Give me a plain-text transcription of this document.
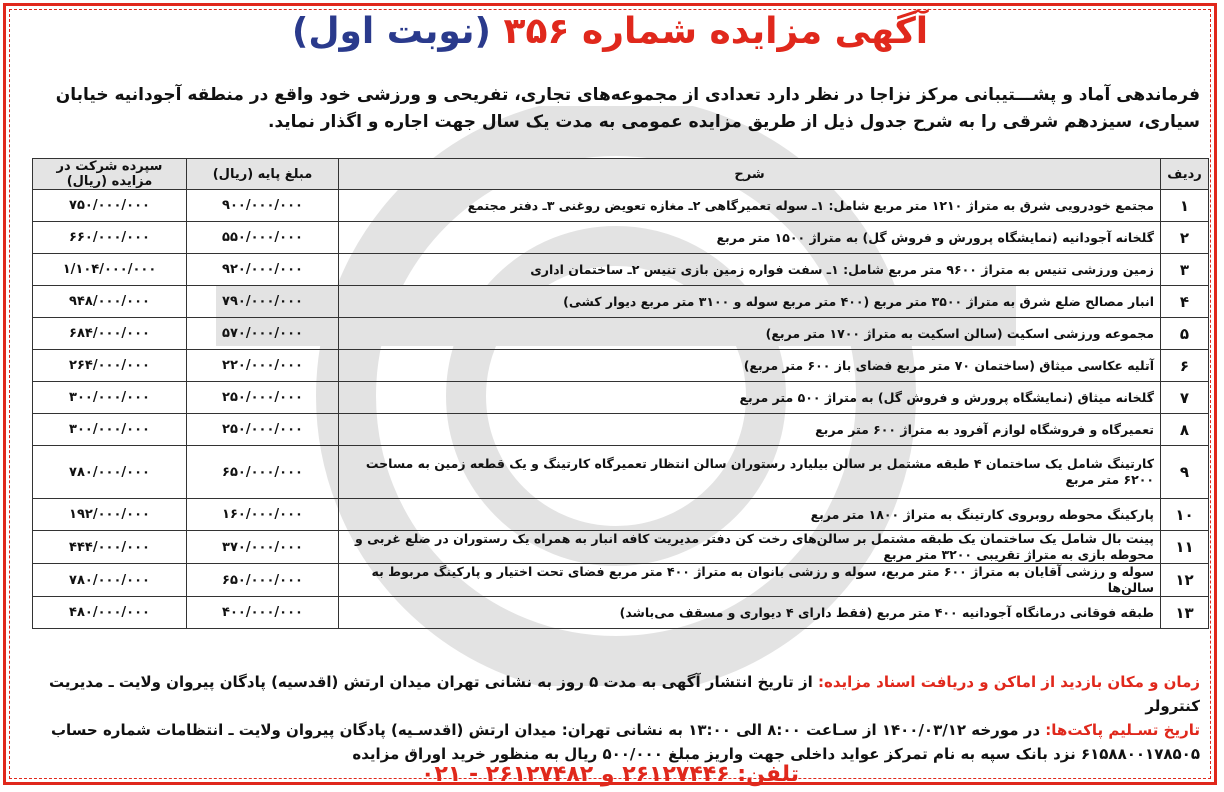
آگهی مزایده شماره ۳۵۶ (نوبت اول)
فرماندهی آماد و پشـــتیبانی مرکز نزاجا در نظر دارد تعدادی از مجموعه‌های تجاری، تفریحی و ورزشی خود واقع در منطقه آجودانیه خیابان سیاری، سیزدهم شرقی را به شرح جدول ذیل از طریق مزایده عمومی به مدت یک سال جهت اجاره و اگذار نماید.
ردیف	شرح	مبلغ پایه (ریال)	سپرده شرکت در مزایده (ریال)
۱	مجتمع خودرویی شرق به متراژ ۱۲۱۰ متر مربع شامل: ۱ـ سوله تعمیرگاهی ۲ـ مغازه تعویض روغنی ۳ـ دفتر مجتمع	۹۰۰/۰۰۰/۰۰۰	۷۵۰/۰۰۰/۰۰۰
۲	گلخانه آجودانیه (نمایشگاه پرورش و فروش گل) به متراژ ۱۵۰۰ متر مربع	۵۵۰/۰۰۰/۰۰۰	۶۶۰/۰۰۰/۰۰۰
۳	زمین ورزشی تنیس به متراژ ۹۶۰۰ متر مربع شامل: ۱ـ سفت فواره زمین بازی تنیس ۲ـ ساختمان اداری	۹۲۰/۰۰۰/۰۰۰	۱/۱۰۴/۰۰۰/۰۰۰
۴	انبار مصالح ضلع شرق به متراژ ۳۵۰۰ متر مربع (۴۰۰ متر مربع سوله و ۳۱۰۰ متر مربع دیوار کشی)	۷۹۰/۰۰۰/۰۰۰	۹۴۸/۰۰۰/۰۰۰
۵	مجموعه ورزشی اسکیت (سالن اسکیت به متراژ ۱۷۰۰ متر مربع)	۵۷۰/۰۰۰/۰۰۰	۶۸۴/۰۰۰/۰۰۰
۶	آتلیه عکاسی میثاق (ساختمان ۷۰ متر مربع فضای باز ۶۰۰ متر مربع)	۲۲۰/۰۰۰/۰۰۰	۲۶۴/۰۰۰/۰۰۰
۷	گلخانه میثاق (نمایشگاه پرورش و فروش گل) به متراژ ۵۰۰ متر مربع	۲۵۰/۰۰۰/۰۰۰	۳۰۰/۰۰۰/۰۰۰
۸	تعمیرگاه و فروشگاه لوازم آفرود به متراژ ۶۰۰ متر مربع	۲۵۰/۰۰۰/۰۰۰	۳۰۰/۰۰۰/۰۰۰
۹	کارتینگ شامل یک ساختمان ۴ طبقه مشتمل بر سالن بیلیارد رستوران سالن انتظار تعمیرگاه کارتینگ و یک قطعه زمین به مساحت ۶۲۰۰ متر مربع	۶۵۰/۰۰۰/۰۰۰	۷۸۰/۰۰۰/۰۰۰
۱۰	پارکینگ محوطه روبروی کارتینگ به متراژ ۱۸۰۰ متر مربع	۱۶۰/۰۰۰/۰۰۰	۱۹۲/۰۰۰/۰۰۰
۱۱	پینت بال شامل یک ساختمان یک طبقه مشتمل بر سالن‌های رخت کن دفتر مدیریت کافه انبار به همراه یک رستوران در ضلع غربی و محوطه بازی به متراژ تقریبی ۳۲۰۰ متر مربع	۳۷۰/۰۰۰/۰۰۰	۴۴۴/۰۰۰/۰۰۰
۱۲	سوله و رزشی آقایان به متراژ ۶۰۰ متر مربع، سوله و رزشی بانوان به متراژ ۴۰۰ متر مربع فضای تحت اختیار و پارکینگ مربوط به سالن‌ها	۶۵۰/۰۰۰/۰۰۰	۷۸۰/۰۰۰/۰۰۰
۱۳	طبقه فوقانی درمانگاه آجودانیه ۴۰۰ متر مربع (فقط دارای ۴ دیواری و مسقف می‌باشد)	۴۰۰/۰۰۰/۰۰۰	۴۸۰/۰۰۰/۰۰۰
زمان و مکان بازدید از اماکن و دریافت اسناد مزایده: از تاریخ انتشار آگهی به مدت ۵ روز به نشانی تهران میدان ارتش (اقدسیه) پادگان پیروان ولایت ـ مدیریت کنترولر
تاریخ تسـلیم پاکت‌ها: در مورخه ۱۴۰۰/۰۳/۱۲ از سـاعت ۸:۰۰ الی ۱۳:۰۰ به نشانی تهران: میدان ارتش (اقدسـیه) پادگان پیروان ولایت ـ انتظامات شماره حساب
۶۱۵۸۸۰۰۱۷۸۵۰۵ نزد بانک سپه به نام تمرکز عواید داخلی جهت واریز مبلغ ۵۰۰/۰۰۰ ریال به منظور خرید اوراق مزایده
تلفن: ۲۶۱۲۷۴۴۶ و ۲۶۱۲۷۴۸۲ - ۰۲۱
